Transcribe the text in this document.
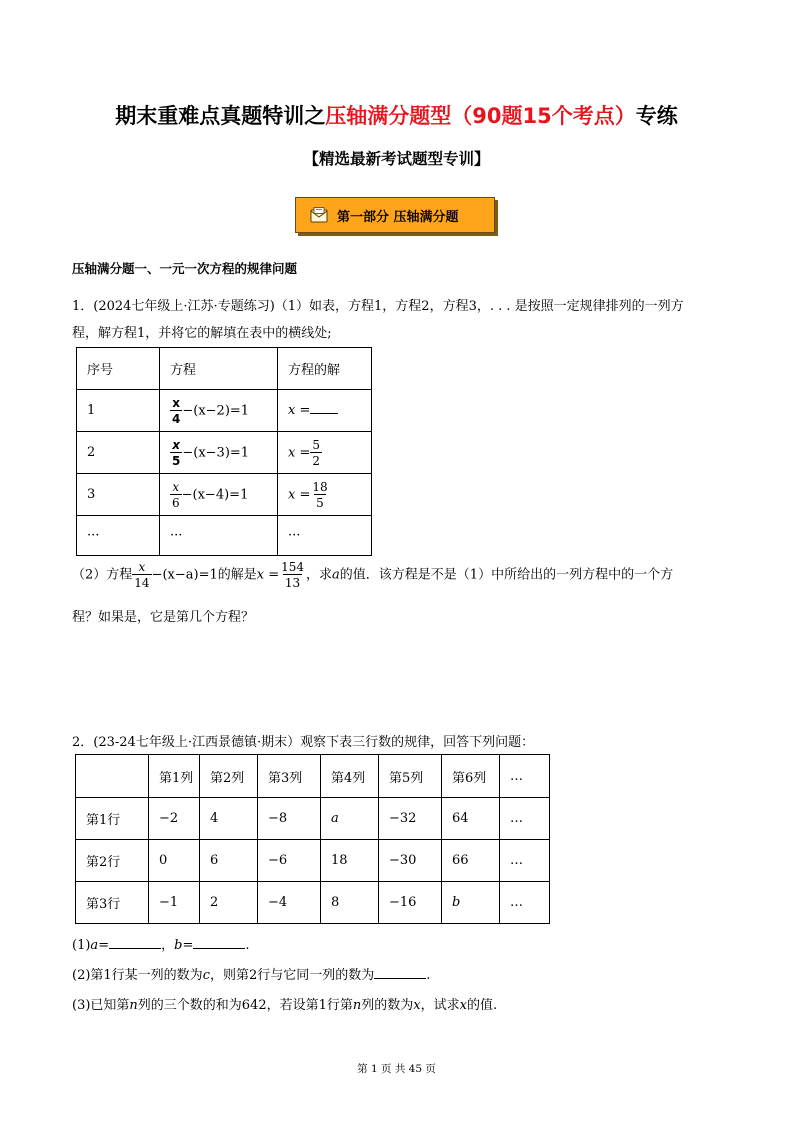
期末重难点真题特训之压轴满分题型（90题15个考点）专练
【精选最新考试题型专训】
第一部分 压轴满分题
压轴满分题一、一元一次方程的规律问题
1．(2024七年级上·江苏·专题练习)（1）如表，方程1，方程2，方程3，. . . 是按照一定规律排列的一列方
程，解方程1，并将它的解填在表中的横线处;
序号	方程	方程的解
1	$\frac{x}{4} -(x-2)=1$	x =
2	$\frac{x}{5} -(x-3)=1$	$x = \frac{5}{2}$

3	$\frac{x}{6} -(x-4)=1$	$x = \frac{18}{5}$

···	···	···
（2）方程 $\frac{x}{14} -(x-a)=1$的解是$x = \frac{154}{13}$ ，求a的值．该方程是不是（1）中所给出的一列方程中的一个方
程？如果是，它是第几个方程？
2．(23-24七年级上·江西景德镇·期末）观察下表三行数的规律，回答下列问题：
	第1列	第2列	第3列	第4列	第5列	第6列	…
第1行	−2	4	−8	a	−32	64	…
第2行	0	6	−6	18	−30	66	…
第3行	−1	2	−4	8	−16	b	…
(1)a=	，b=	.
(2)第1行某一列的数为c，则第2行与它同一列的数为	.
(3)已知第n列的三个数的和为642，若设第1行第n列的数为x，试求x的值.
第 1 页 共 45 页
